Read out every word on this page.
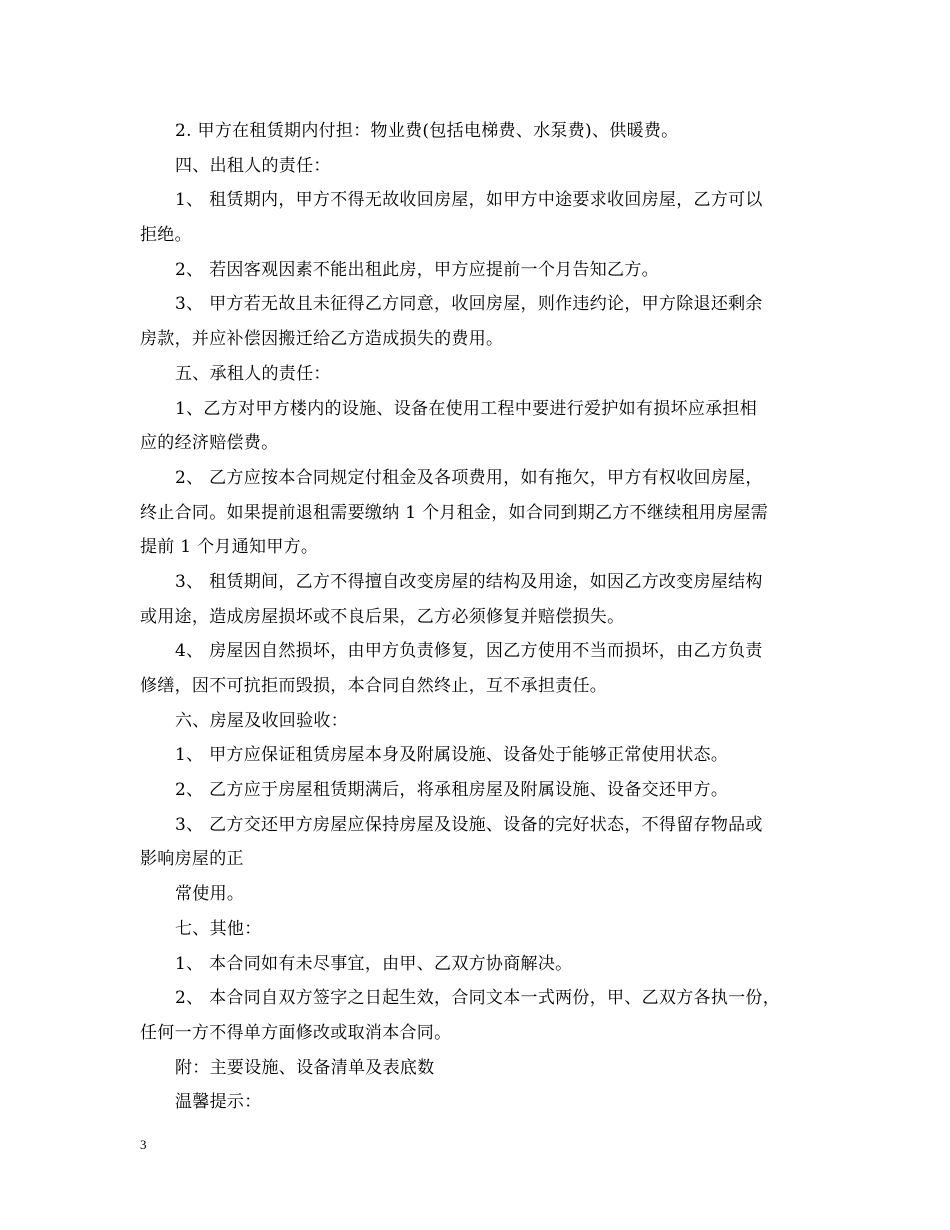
2. 甲方在租赁期内付担：物业费(包括电梯费、水泵费)、供暖费。
四、出租人的责任：
1、 租赁期内，甲方不得无故收回房屋，如甲方中途要求收回房屋，乙方可以
拒绝。
2、 若因客观因素不能出租此房，甲方应提前一个月告知乙方。
3、 甲方若无故且未征得乙方同意，收回房屋，则作违约论，甲方除退还剩余
房款，并应补偿因搬迁给乙方造成损失的费用。
五、承租人的责任：
1、乙方对甲方楼内的设施、设备在使用工程中要进行爱护如有损坏应承担相
应的经济赔偿费。
2、 乙方应按本合同规定付租金及各项费用，如有拖欠，甲方有权收回房屋，
终止合同。如果提前退租需要缴纳 1 个月租金，如合同到期乙方不继续租用房屋需
提前 1 个月通知甲方。
3、 租赁期间，乙方不得擅自改变房屋的结构及用途，如因乙方改变房屋结构
或用途，造成房屋损坏或不良后果，乙方必须修复并赔偿损失。
4、 房屋因自然损坏，由甲方负责修复，因乙方使用不当而损坏，由乙方负责
修缮，因不可抗拒而毁损，本合同自然终止，互不承担责任。
六、房屋及收回验收：
1、 甲方应保证租赁房屋本身及附属设施、设备处于能够正常使用状态。
2、 乙方应于房屋租赁期满后，将承租房屋及附属设施、设备交还甲方。
3、 乙方交还甲方房屋应保持房屋及设施、设备的完好状态，不得留存物品或
影响房屋的正
常使用。
七、其他：
1、 本合同如有未尽事宜，由甲、乙双方协商解决。
2、 本合同自双方签字之日起生效，合同文本一式两份，甲、乙双方各执一份，
任何一方不得单方面修改或取消本合同。
附：主要设施、设备清单及表底数
温馨提示：
3
